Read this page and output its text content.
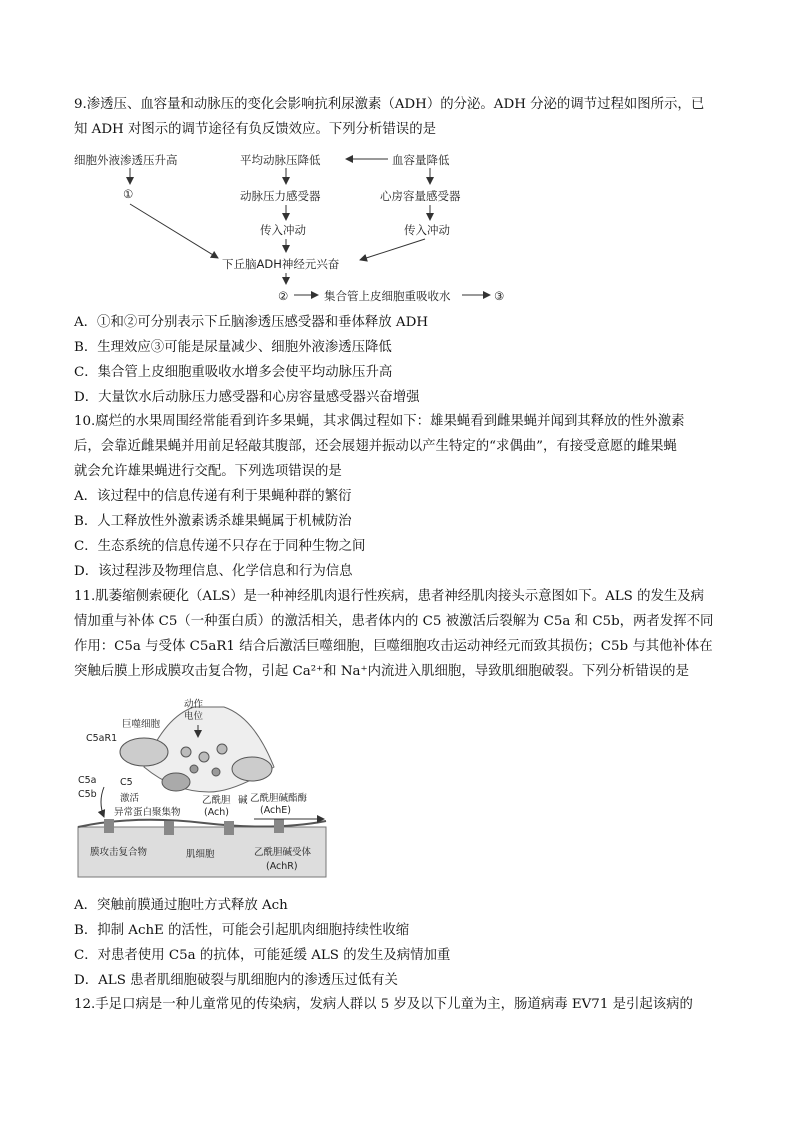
9.渗透压、血容量和动脉压的变化会影响抗利尿激素（ADH）的分泌。ADH 分泌的调节过程如图所示，已
知 ADH 对图示的调节途径有负反馈效应。下列分析错误的是
细胞外液渗透压升高	平均动脉压降低	血容量降低
①	动脉压力感受器	心房容量感受器
传入冲动	传入冲动
下丘脑ADH神经元兴奋
②	集合管上皮细胞重吸收水	③
A．①和②可分别表示下丘脑渗透压感受器和垂体释放 ADH
B．生理效应③可能是尿量减少、细胞外液渗透压降低
C．集合管上皮细胞重吸收水增多会使平均动脉压升高
D．大量饮水后动脉压力感受器和心房容量感受器兴奋增强
10.腐烂的水果周围经常能看到许多果蝇，其求偶过程如下：雄果蝇看到雌果蝇并闻到其释放的性外激素
后，会靠近雌果蝇并用前足轻敲其腹部，还会展翅并振动以产生特定的“求偶曲”，有接受意愿的雌果蝇
就会允许雄果蝇进行交配。下列选项错误的是
A．该过程中的信息传递有利于果蝇种群的繁衍
B．人工释放性外激素诱杀雄果蝇属于机械防治
C．生态系统的信息传递不只存在于同种生物之间
D．该过程涉及物理信息、化学信息和行为信息
11.肌萎缩侧索硬化（ALS）是一种神经肌肉退行性疾病，患者神经肌肉接头示意图如下。ALS 的发生及病
情加重与补体 C5（一种蛋白质）的激活相关，患者体内的 C5 被激活后裂解为 C5a 和 C5b，两者发挥不同
作用：C5a 与受体 C5aR1 结合后激活巨噬细胞，巨噬细胞攻击运动神经元而致其损伤；C5b 与其他补体在
突触后膜上形成膜攻击复合物，引起 Ca²⁺和 Na⁺内流进入肌细胞，导致肌细胞破裂。下列分析错误的是
动作
电位
巨噬细胞
C5aR1
C5a
C5b
C5
激活
异常蛋白聚集物
乙酰胆 碱
(Ach)
乙酰胆碱酯酶
(AchE)
膜攻击复合物	肌细胞	乙酰胆碱受体
(AchR)
A．突触前膜通过胞吐方式释放 Ach
B．抑制 AchE 的活性，可能会引起肌肉细胞持续性收缩
C．对患者使用 C5a 的抗体，可能延缓 ALS 的发生及病情加重
D．ALS 患者肌细胞破裂与肌细胞内的渗透压过低有关
12.手足口病是一种儿童常见的传染病，发病人群以 5 岁及以下儿童为主，肠道病毒 EV71 是引起该病的
